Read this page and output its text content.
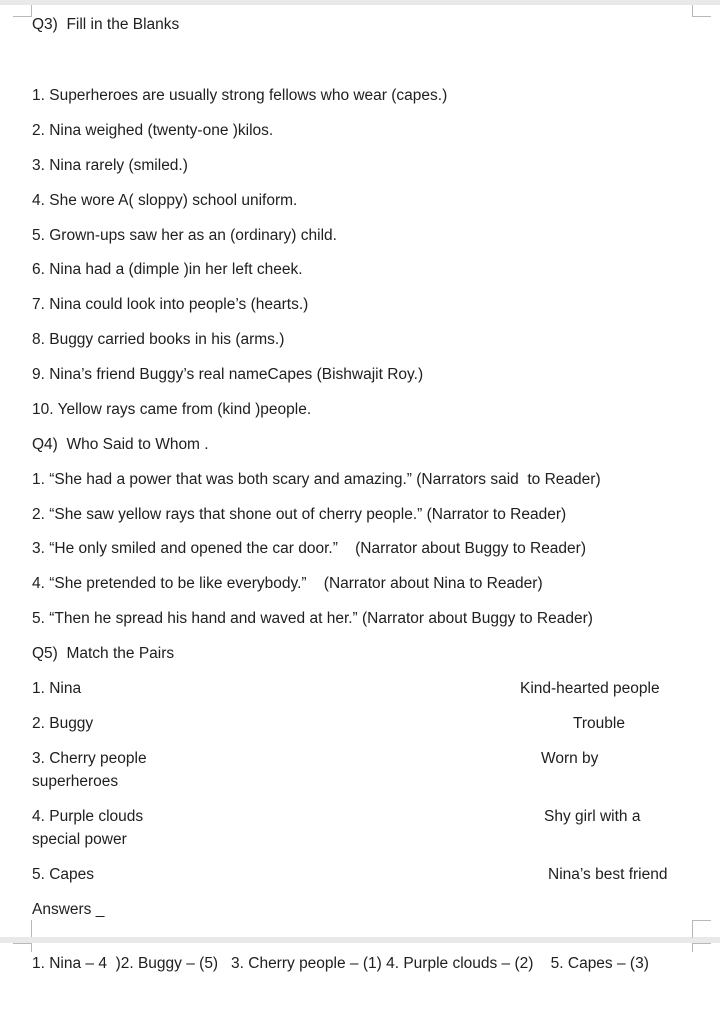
Q3)  Fill in the Blanks
1. Superheroes are usually strong fellows who wear (capes.)
2. Nina weighed (twenty-one )kilos.
3. Nina rarely (smiled.)
4. She wore A( sloppy) school uniform.
5. Grown-ups saw her as an (ordinary) child.
6. Nina had a (dimple )in her left cheek.
7. Nina could look into people’s (hearts.)
8. Buggy carried books in his (arms.)
9. Nina’s friend Buggy’s real nameCapes (Bishwajit Roy.)
10. Yellow rays came from (kind )people.
Q4)  Who Said to Whom .
1. “She had a power that was both scary and amazing.” (Narrators said  to Reader)
2. “She saw yellow rays that shone out of cherry people.” (Narrator to Reader)
3. “He only smiled and opened the car door.”    (Narrator about Buggy to Reader)
4. “She pretended to be like everybody.”    (Narrator about Nina to Reader)
5. “Then he spread his hand and waved at her.” (Narrator about Buggy to Reader)
Q5)  Match the Pairs
1. Nina	Kind-hearted people
2. Buggy	Trouble
3. Cherry people	Worn by
superheroes
4. Purple clouds	Shy girl with a
special power
5. Capes	Nina’s best friend
Answers _
1. Nina – 4  )2. Buggy – (5)   3. Cherry people – (1) 4. Purple clouds – (2)    5. Capes – (3)
